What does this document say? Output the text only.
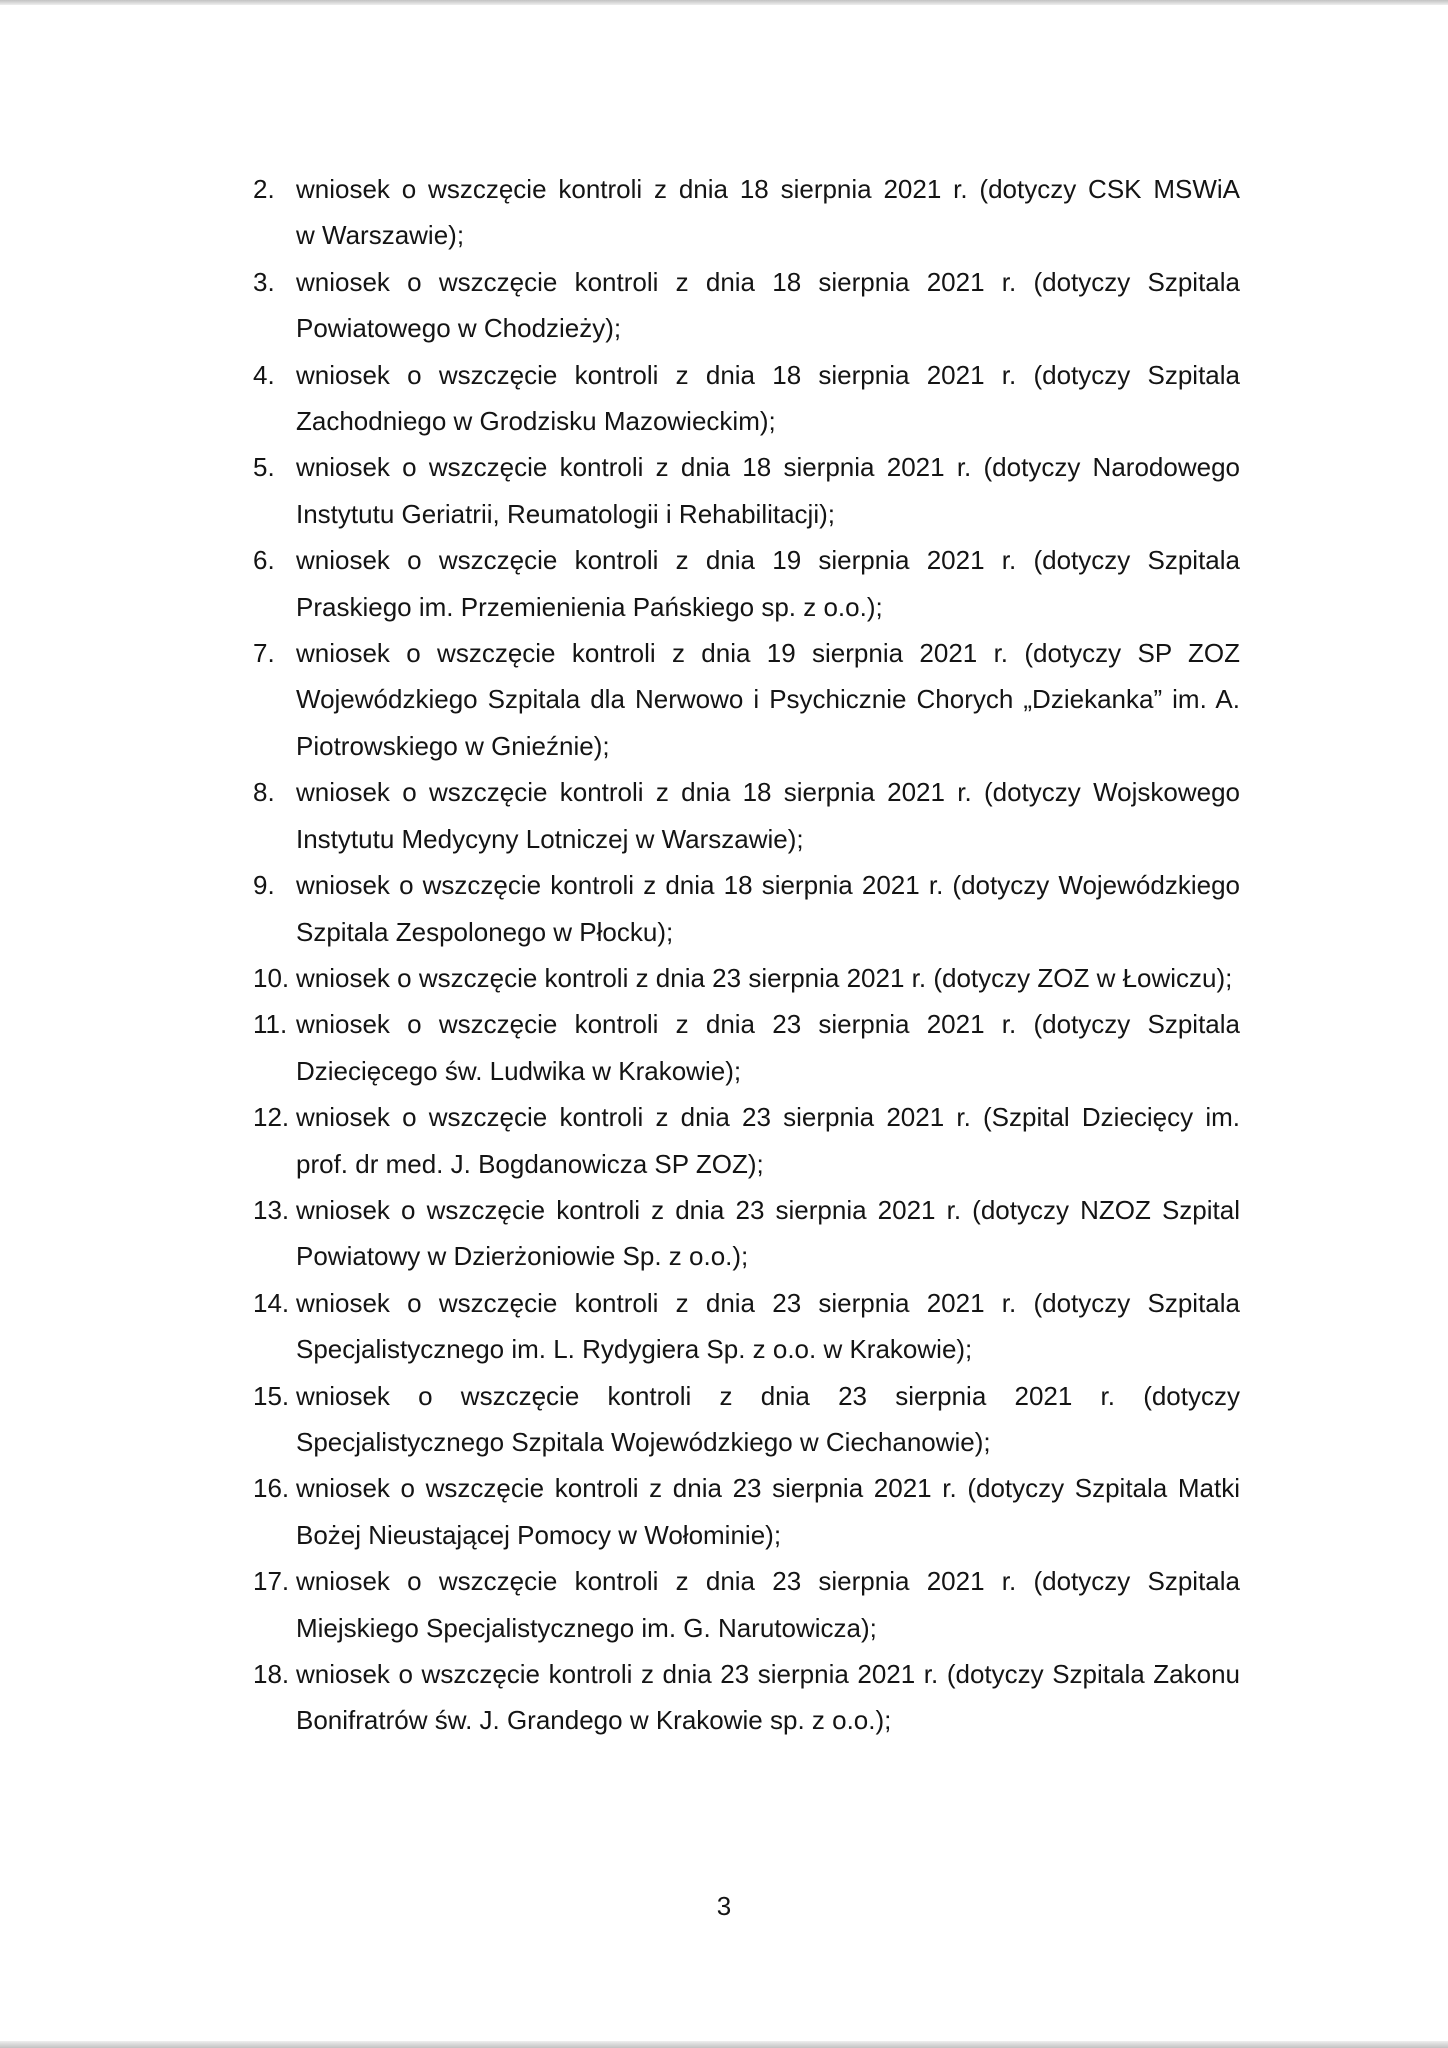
2. wniosek o wszczęcie kontroli z dnia 18 sierpnia 2021 r. (dotyczy CSK MSWiA
w Warszawie);
3. wniosek o wszczęcie kontroli z dnia 18 sierpnia 2021 r. (dotyczy Szpitala
Powiatowego w Chodzieży);
4. wniosek o wszczęcie kontroli z dnia 18 sierpnia 2021 r. (dotyczy Szpitala
Zachodniego w Grodzisku Mazowieckim);
5. wniosek o wszczęcie kontroli z dnia 18 sierpnia 2021 r. (dotyczy Narodowego
Instytutu Geriatrii, Reumatologii i Rehabilitacji);
6. wniosek o wszczęcie kontroli z dnia 19 sierpnia 2021 r. (dotyczy Szpitala
Praskiego im. Przemienienia Pańskiego sp. z o.o.);
7. wniosek o wszczęcie kontroli z dnia 19 sierpnia 2021 r. (dotyczy SP ZOZ
Wojewódzkiego Szpitala dla Nerwowo i Psychicznie Chorych „Dziekanka” im. A.
Piotrowskiego w Gnieźnie);
8. wniosek o wszczęcie kontroli z dnia 18 sierpnia 2021 r. (dotyczy Wojskowego
Instytutu Medycyny Lotniczej w Warszawie);
9. wniosek o wszczęcie kontroli z dnia 18 sierpnia 2021 r. (dotyczy Wojewódzkiego
Szpitala Zespolonego w Płocku);
10. wniosek o wszczęcie kontroli z dnia 23 sierpnia 2021 r. (dotyczy ZOZ w Łowiczu);
11. wniosek o wszczęcie kontroli z dnia 23 sierpnia 2021 r. (dotyczy Szpitala
Dziecięcego św. Ludwika w Krakowie);
12. wniosek o wszczęcie kontroli z dnia 23 sierpnia 2021 r. (Szpital Dziecięcy im.
prof. dr med. J. Bogdanowicza SP ZOZ);
13. wniosek o wszczęcie kontroli z dnia 23 sierpnia 2021 r. (dotyczy NZOZ Szpital
Powiatowy w Dzierżoniowie Sp. z o.o.);
14. wniosek o wszczęcie kontroli z dnia 23 sierpnia 2021 r. (dotyczy Szpitala
Specjalistycznego im. L. Rydygiera Sp. z o.o. w Krakowie);
15. wniosek o wszczęcie kontroli z dnia 23 sierpnia 2021 r. (dotyczy
Specjalistycznego Szpitala Wojewódzkiego w Ciechanowie);
16. wniosek o wszczęcie kontroli z dnia 23 sierpnia 2021 r. (dotyczy Szpitala Matki
Bożej Nieustającej Pomocy w Wołominie);
17. wniosek o wszczęcie kontroli z dnia 23 sierpnia 2021 r. (dotyczy Szpitala
Miejskiego Specjalistycznego im. G. Narutowicza);
18. wniosek o wszczęcie kontroli z dnia 23 sierpnia 2021 r. (dotyczy Szpitala Zakonu
Bonifratrów św. J. Grandego w Krakowie sp. z o.o.);
3
